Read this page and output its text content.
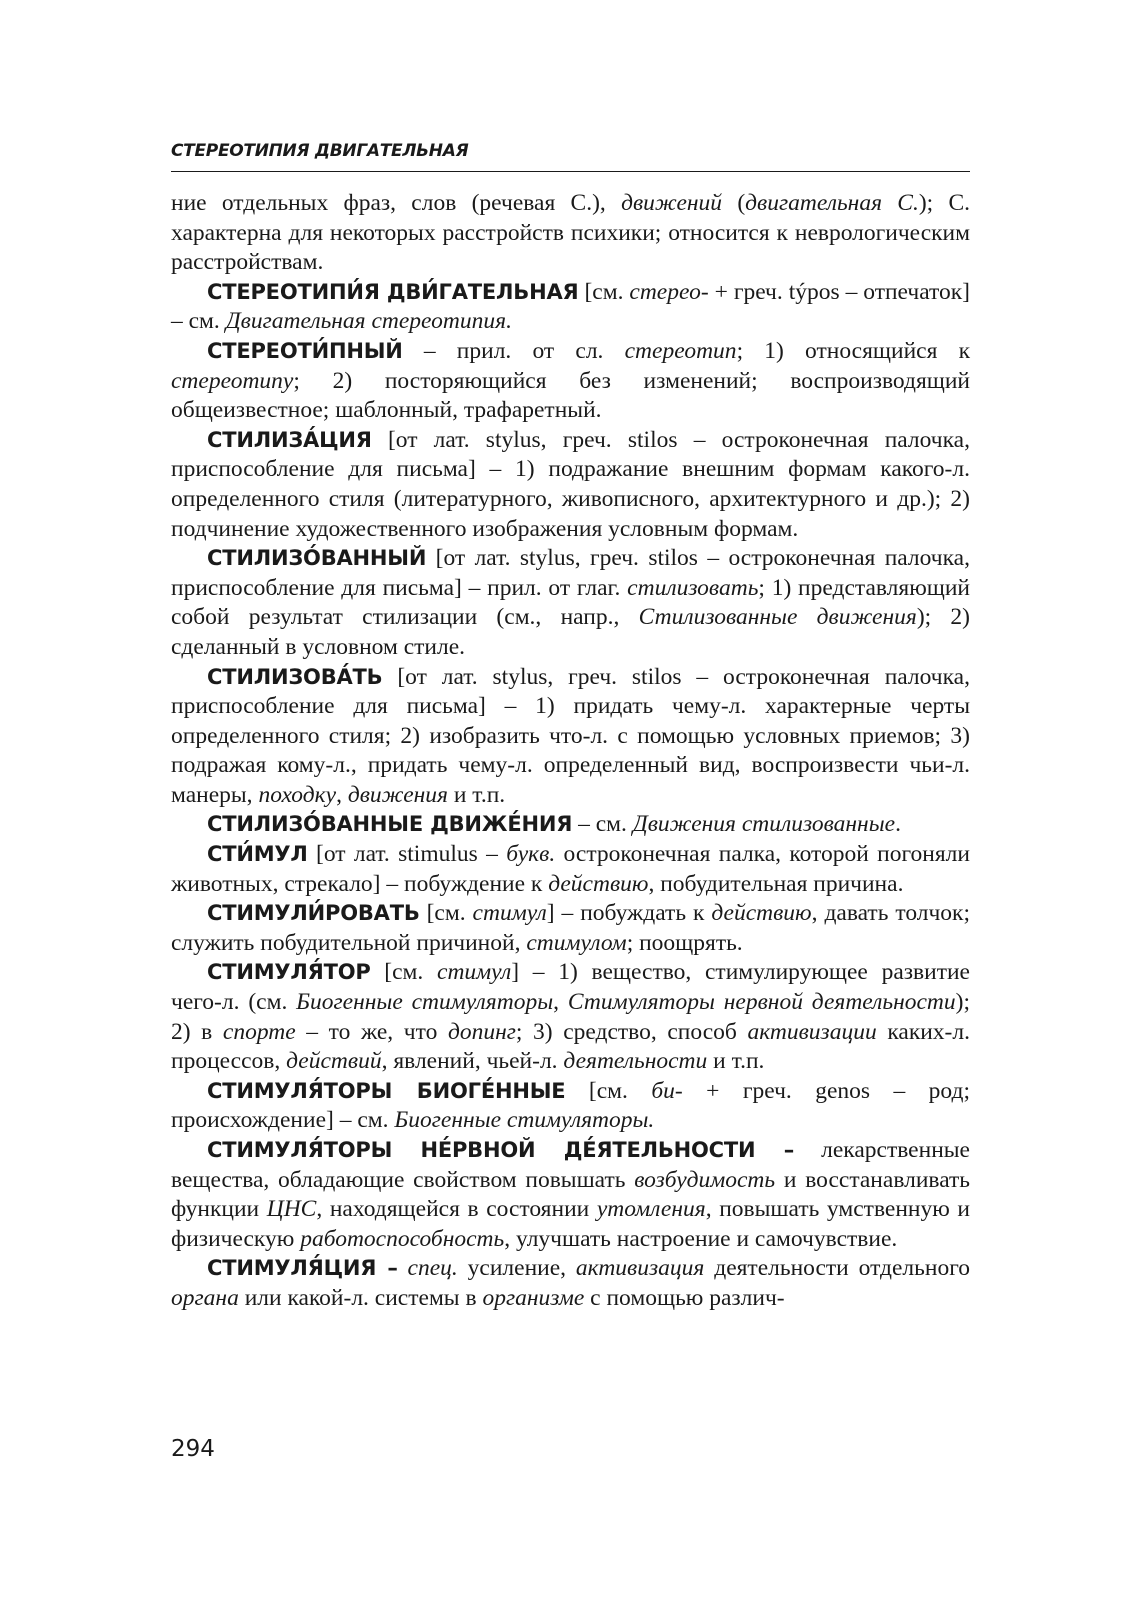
СТЕРЕОТИПИЯ ДВИГАТЕЛЬНАЯ

ние отдельных фраз, слов (речевая С.), движений (двигательная С.); С. характерна для некоторых расстройств психики; относится к неврологическим расстройствам.

СТЕРЕОТИПИ́Я ДВИ́ГАТЕЛЬНАЯ [см. стерео- + греч. týpos – отпечаток] – см. Двигательная стереотипия.

СТЕРЕОТИ́ПНЫЙ – прил. от сл. стереотип; 1) относящийся к стереотипу; 2) посторяющийся без изменений; воспроизводящий общеизвестное; шаблонный, трафаретный.

СТИЛИЗА́ЦИЯ [от лат. stylus, греч. stilos – остроконечная палочка, приспособление для письма] – 1) подражание внешним формам какого-л. определенного стиля (литературного, живописного, архитектурного и др.); 2) подчинение художественного изображения условным формам.

СТИЛИЗО́ВАННЫЙ [от лат. stylus, греч. stilos – остроконечная палочка, приспособление для письма] – прил. от глаг. стилизовать; 1) представляющий собой результат стилизации (см., напр., Стилизованные движения); 2) сделанный в условном стиле.

СТИЛИЗОВА́ТЬ [от лат. stylus, греч. stilos – остроконечная палочка, приспособление для письма] – 1) придать чему-л. характерные черты определенного стиля; 2) изобразить что-л. с помощью условных приемов; 3) подражая кому-л., придать чему-л. определенный вид, воспроизвести чьи-л. манеры, походку, движения и т.п.

СТИЛИЗО́ВАННЫЕ ДВИЖЕ́НИЯ – см. Движения стилизованные.

СТИ́МУЛ [от лат. stimulus – букв. остроконечная палка, которой погоняли животных, стрекало] – побуждение к действию, побудительная причина.

СТИМУЛИ́РОВАТЬ [см. стимул] – побуждать к действию, давать толчок; служить побудительной причиной, стимулом; поощрять.

СТИМУЛЯ́ТОР [см. стимул] – 1) вещество, стимулирующее развитие чего-л. (см. Биогенные стимуляторы, Стимуляторы нервной деятельности); 2) в спорте – то же, что допинг; 3) средство, способ активизации каких-л. процессов, действий, явлений, чьей-л. деятельности и т.п.

СТИМУЛЯ́ТОРЫ БИОГЕ́ННЫЕ [см. би- + греч. genos – род; происхождение] – см. Биогенные стимуляторы.

СТИМУЛЯ́ТОРЫ НЕ́РВНОЙ ДЕ́ЯТЕЛЬНОСТИ – лекарственные вещества, обладающие свойством повышать возбудимость и восстанавливать функции ЦНС, находящейся в состоянии утомления, повышать умственную и физическую работоспособность, улучшать настроение и самочувствие.

СТИМУЛЯ́ЦИЯ – спец. усиление, активизация деятельности отдельного органа или какой-л. системы в организме с помощью различ-

294
